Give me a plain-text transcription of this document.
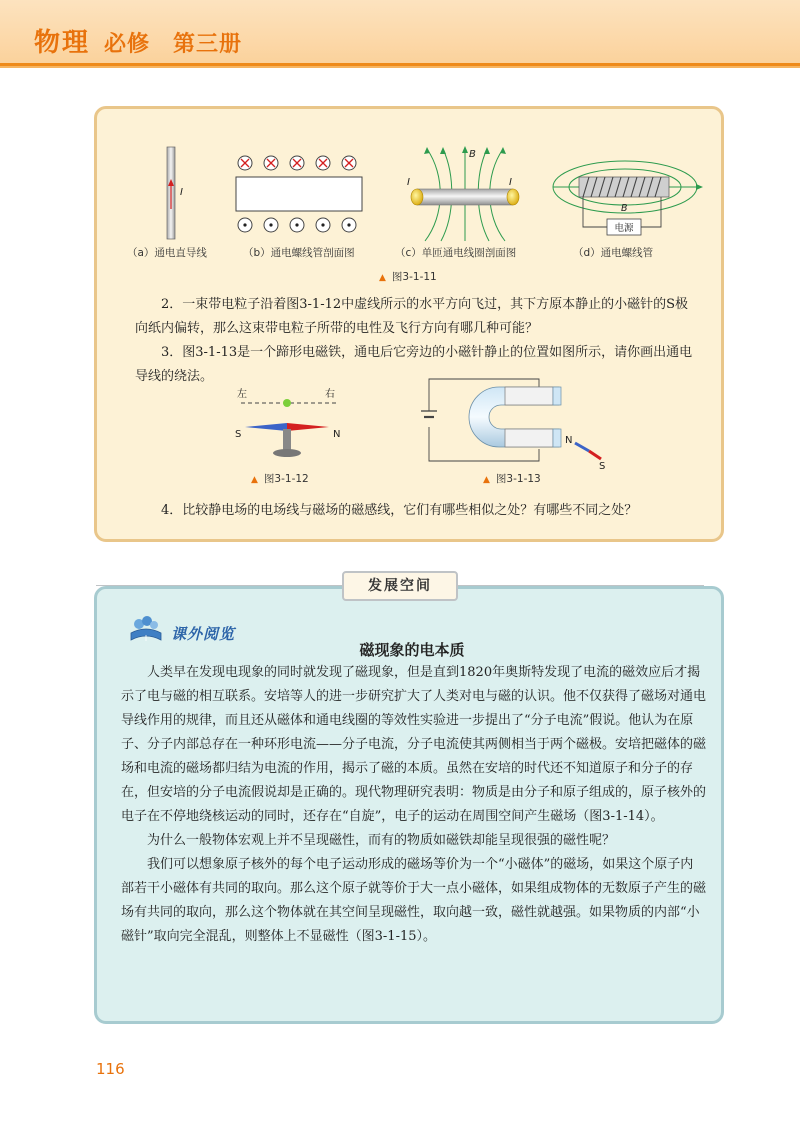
物理 必修　第三册
I
I	I
B
电源
B
（a）通电直导线	（b）通电螺线管剖面图	（c）单匝通电线圈剖面图	（d）通电螺线管
▲ 图3-1-11
2．一束带电粒子沿着图3-1-12中虚线所示的水平方向飞过，其下方原本静止的小磁针的S极向纸内偏转，那么这束带电粒子所带的电性及飞行方向有哪几种可能？
3．图3-1-13是一个蹄形电磁铁，通电后它旁边的小磁针静止的位置如图所示，请你画出通电导线的绕法。
左	右
S	N
▲ 图3-1-12
N
S
▲ 图3-1-13
4．比较静电场的电场线与磁场的磁感线，它们有哪些相似之处？有哪些不同之处？
课外阅览
磁现象的电本质

人类早在发现电现象的同时就发现了磁现象，但是直到1820年奥斯特发现了电流的磁效应后才揭示了电与磁的相互联系。安培等人的进一步研究扩大了人类对电与磁的认识。他不仅获得了磁场对通电导线作用的规律，而且还从磁体和通电线圈的等效性实验进一步提出了“分子电流”假说。他认为在原子、分子内部总存在一种环形电流——分子电流，分子电流使其两侧相当于两个磁极。安培把磁体的磁场和电流的磁场都归结为电流的作用，揭示了磁的本质。虽然在安培的时代还不知道原子和分子的存在，但安培的分子电流假说却是正确的。现代物理研究表明：物质是由分子和原子组成的，原子核外的电子在不停地绕核运动的同时，还存在“自旋”，电子的运动在周围空间产生磁场（图3-1-14）。

为什么一般物体宏观上并不呈现磁性，而有的物质如磁铁却能呈现很强的磁性呢？

我们可以想象原子核外的每个电子运动形成的磁场等价为一个“小磁体”的磁场，如果这个原子内部若干小磁体有共同的取向。那么这个原子就等价于大一点小磁体，如果组成物体的无数原子产生的磁场有共同的取向，那么这个物体就在其空间呈现磁性，取向越一致，磁性就越强。如果物质的内部“小磁针”取向完全混乱，则整体上不显磁性（图3-1-15）。

发展空间
116
